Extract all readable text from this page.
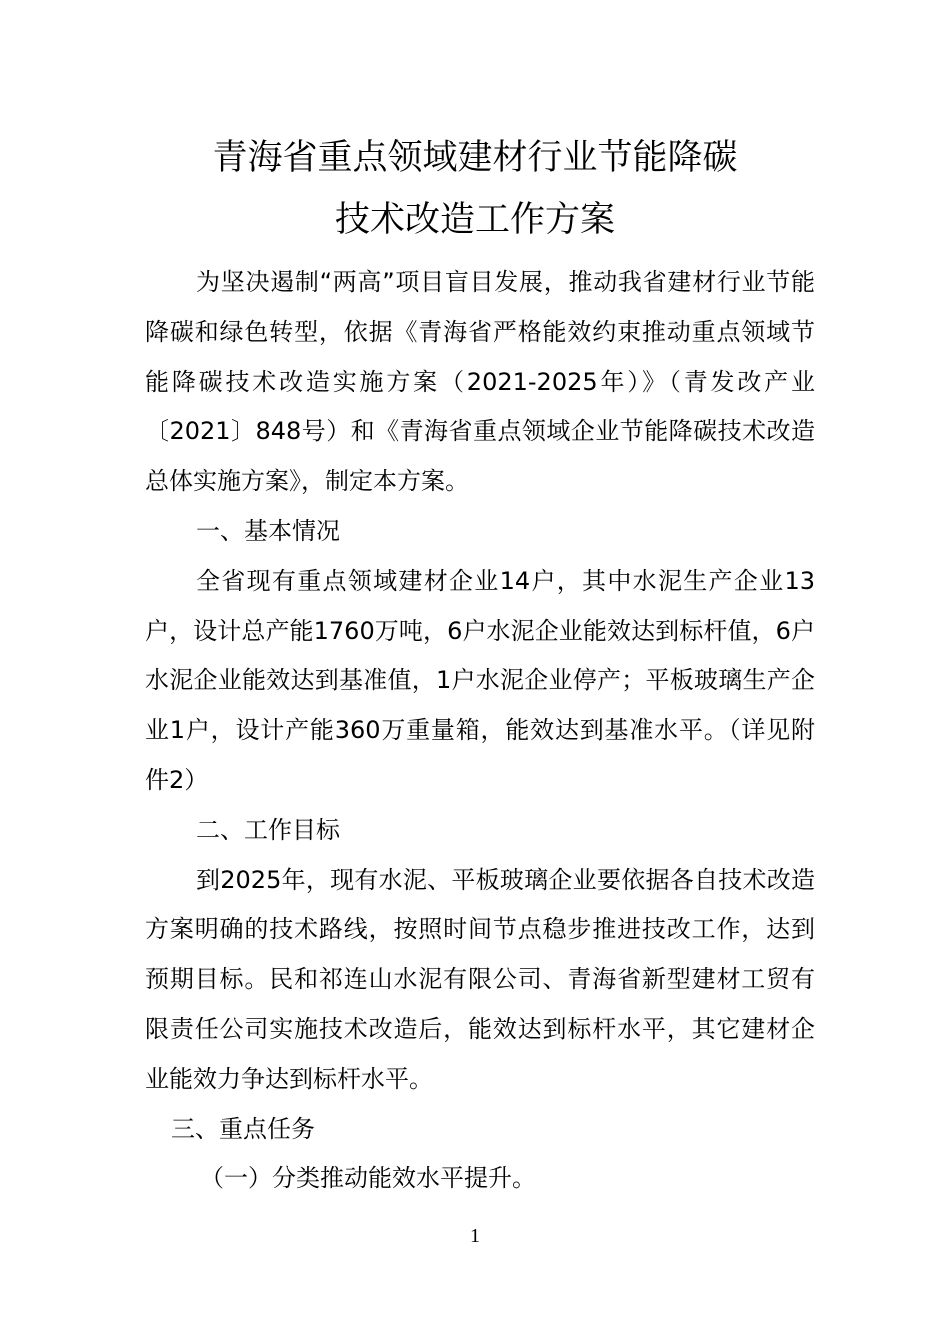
青海省重点领域建材行业节能降碳
技术改造工作方案

为坚决遏制“两高”项目盲目发展，推动我省建材行业节能降碳和绿色转型，依据《青海省严格能效约束推动重点领域节能降碳技术改造实施方案（2021-2025年）》（青发改产业〔2021〕848号）和《青海省重点领域企业节能降碳技术改造总体实施方案》，制定本方案。

一、基本情况

全省现有重点领域建材企业14户，其中水泥生产企业13户，设计总产能1760万吨，6户水泥企业能效达到标杆值，6户水泥企业能效达到基准值，1户水泥企业停产；平板玻璃生产企业1户，设计产能360万重量箱，能效达到基准水平。（详见附件2）

二、工作目标

到2025年，现有水泥、平板玻璃企业要依据各自技术改造方案明确的技术路线，按照时间节点稳步推进技改工作，达到预期目标。民和祁连山水泥有限公司、青海省新型建材工贸有限责任公司实施技术改造后，能效达到标杆水平，其它建材企业能效力争达到标杆水平。

三、重点任务

（一）分类推动能效水平提升。

1
